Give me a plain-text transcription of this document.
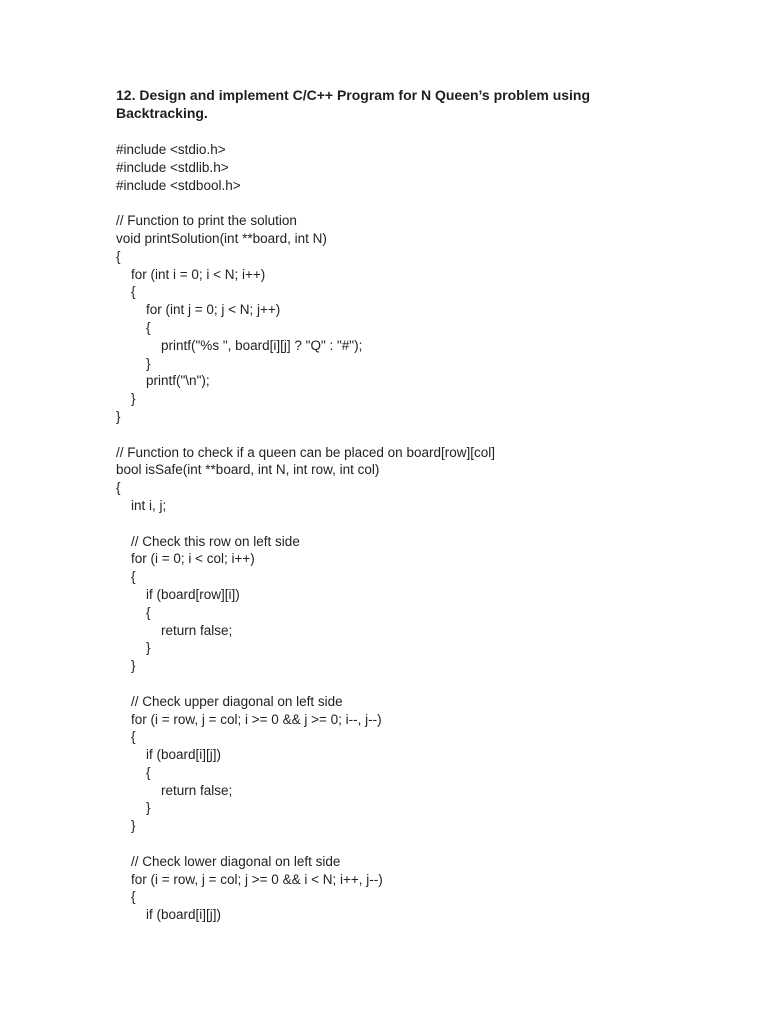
12. Design and implement C/C++ Program for N Queen’s problem using
Backtracking.
#include <stdio.h>
#include <stdlib.h>
#include <stdbool.h>
// Function to print the solution
void printSolution(int **board, int N)
{
for (int i = 0; i < N; i++)
{
for (int j = 0; j < N; j++)
{
printf("%s ", board[i][j] ? "Q" : "#");
}
printf("\n");
}
}
// Function to check if a queen can be placed on board[row][col]
bool isSafe(int **board, int N, int row, int col)
{
int i, j;
// Check this row on left side
for (i = 0; i < col; i++)
{
if (board[row][i])
{
return false;
}
}
// Check upper diagonal on left side
for (i = row, j = col; i >= 0 && j >= 0; i--, j--)
{
if (board[i][j])
{
return false;
}
}
// Check lower diagonal on left side
for (i = row, j = col; j >= 0 && i < N; i++, j--)
{
if (board[i][j])
